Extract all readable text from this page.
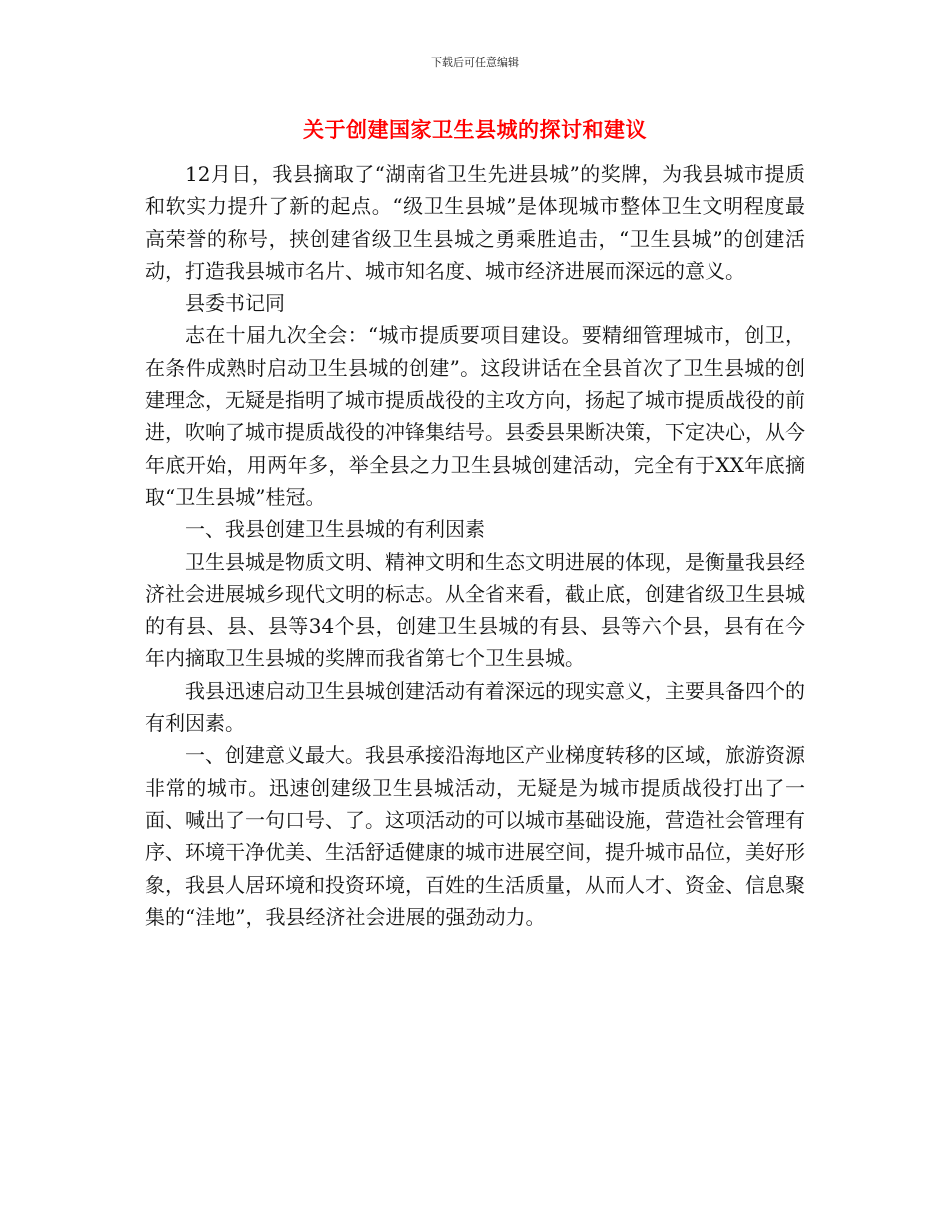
下载后可任意编辑
关于创建国家卫生县城的探讨和建议

12月日，我县摘取了“湖南省卫生先进县城”的奖牌，为我县城市提质和软实力提升了新的起点。“级卫生县城”是体现城市整体卫生文明程度最高荣誉的称号，挟创建省级卫生县城之勇乘胜追击，“卫生县城”的创建活动，打造我县城市名片、城市知名度、城市经济进展而深远的意义。

县委书记同

志在十届九次全会：“城市提质要项目建设。要精细管理城市，创卫，在条件成熟时启动卫生县城的创建”。这段讲话在全县首次了卫生县城的创建理念，无疑是指明了城市提质战役的主攻方向，扬起了城市提质战役的前进，吹响了城市提质战役的冲锋集结号。县委县果断决策，下定决心，从今年底开始，用两年多，举全县之力卫生县城创建活动，完全有于XX年底摘取“卫生县城”桂冠。

一、我县创建卫生县城的有利因素

卫生县城是物质文明、精神文明和生态文明进展的体现，是衡量我县经济社会进展城乡现代文明的标志。从全省来看，截止底，创建省级卫生县城的有县、县、县等34个县，创建卫生县城的有县、县等六个县，县有在今年内摘取卫生县城的奖牌而我省第七个卫生县城。

我县迅速启动卫生县城创建活动有着深远的现实意义，主要具备四个的有利因素。

一、创建意义最大。我县承接沿海地区产业梯度转移的区域，旅游资源非常的城市。迅速创建级卫生县城活动，无疑是为城市提质战役打出了一面、喊出了一句口号、了。这项活动的可以城市基础设施，营造社会管理有序、环境干净优美、生活舒适健康的城市进展空间，提升城市品位，美好形象，我县人居环境和投资环境，百姓的生活质量，从而人才、资金、信息聚集的“洼地”，我县经济社会进展的强劲动力。
